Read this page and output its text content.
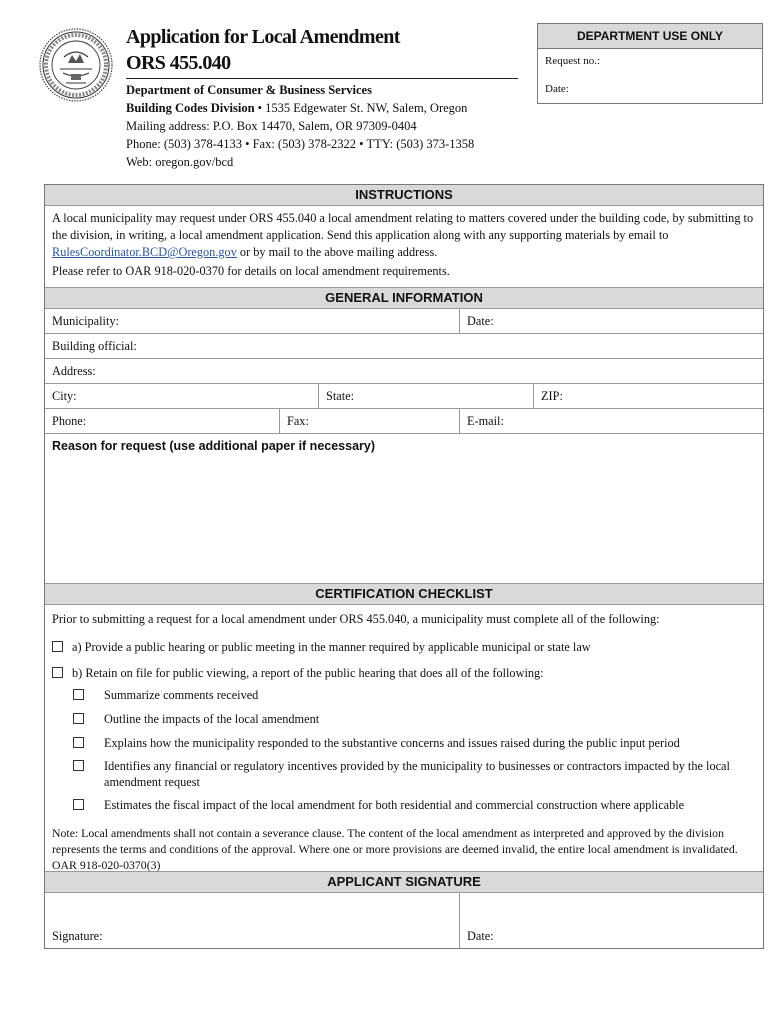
Application for Local Amendment
ORS 455.040
Department of Consumer & Business Services
Building Codes Division • 1535 Edgewater St. NW, Salem, Oregon
Mailing address: P.O. Box 14470, Salem, OR 97309-0404
Phone: (503) 378-4133 • Fax: (503) 378-2322 • TTY: (503) 373-1358
Web: oregon.gov/bcd
DEPARTMENT USE ONLY
Request no.:
Date:
INSTRUCTIONS
A local municipality may request under ORS 455.040 a local amendment relating to matters covered under the building code, by submitting to the division, in writing, a local amendment application. Send this application along with any supporting materials by email to RulesCoordinator.BCD@Oregon.gov or by mail to the above mailing address.
Please refer to OAR 918-020-0370 for details on local amendment requirements.
GENERAL INFORMATION
Municipality:	Date:
Building official:
Address:
City:	State:	ZIP:
Phone:	Fax:	E-mail:
Reason for request (use additional paper if necessary)
CERTIFICATION CHECKLIST
Prior to submitting a request for a local amendment under ORS 455.040, a municipality must complete all of the following:
a) Provide a public hearing or public meeting in the manner required by applicable municipal or state law
b) Retain on file for public viewing, a report of the public hearing that does all of the following:
Summarize comments received
Outline the impacts of the local amendment
Explains how the municipality responded to the substantive concerns and issues raised during the public input period
Identifies any financial or regulatory incentives provided by the municipality to businesses or contractors impacted by the local amendment request
Estimates the fiscal impact of the local amendment for both residential and commercial construction where applicable
Note: Local amendments shall not contain a severance clause. The content of the local amendment as interpreted and approved by the division represents the terms and conditions of the approval. Where one or more provisions are deemed invalid, the entire local amendment is invalidated. OAR 918-020-0370(3)
APPLICANT SIGNATURE
Signature:	Date:
